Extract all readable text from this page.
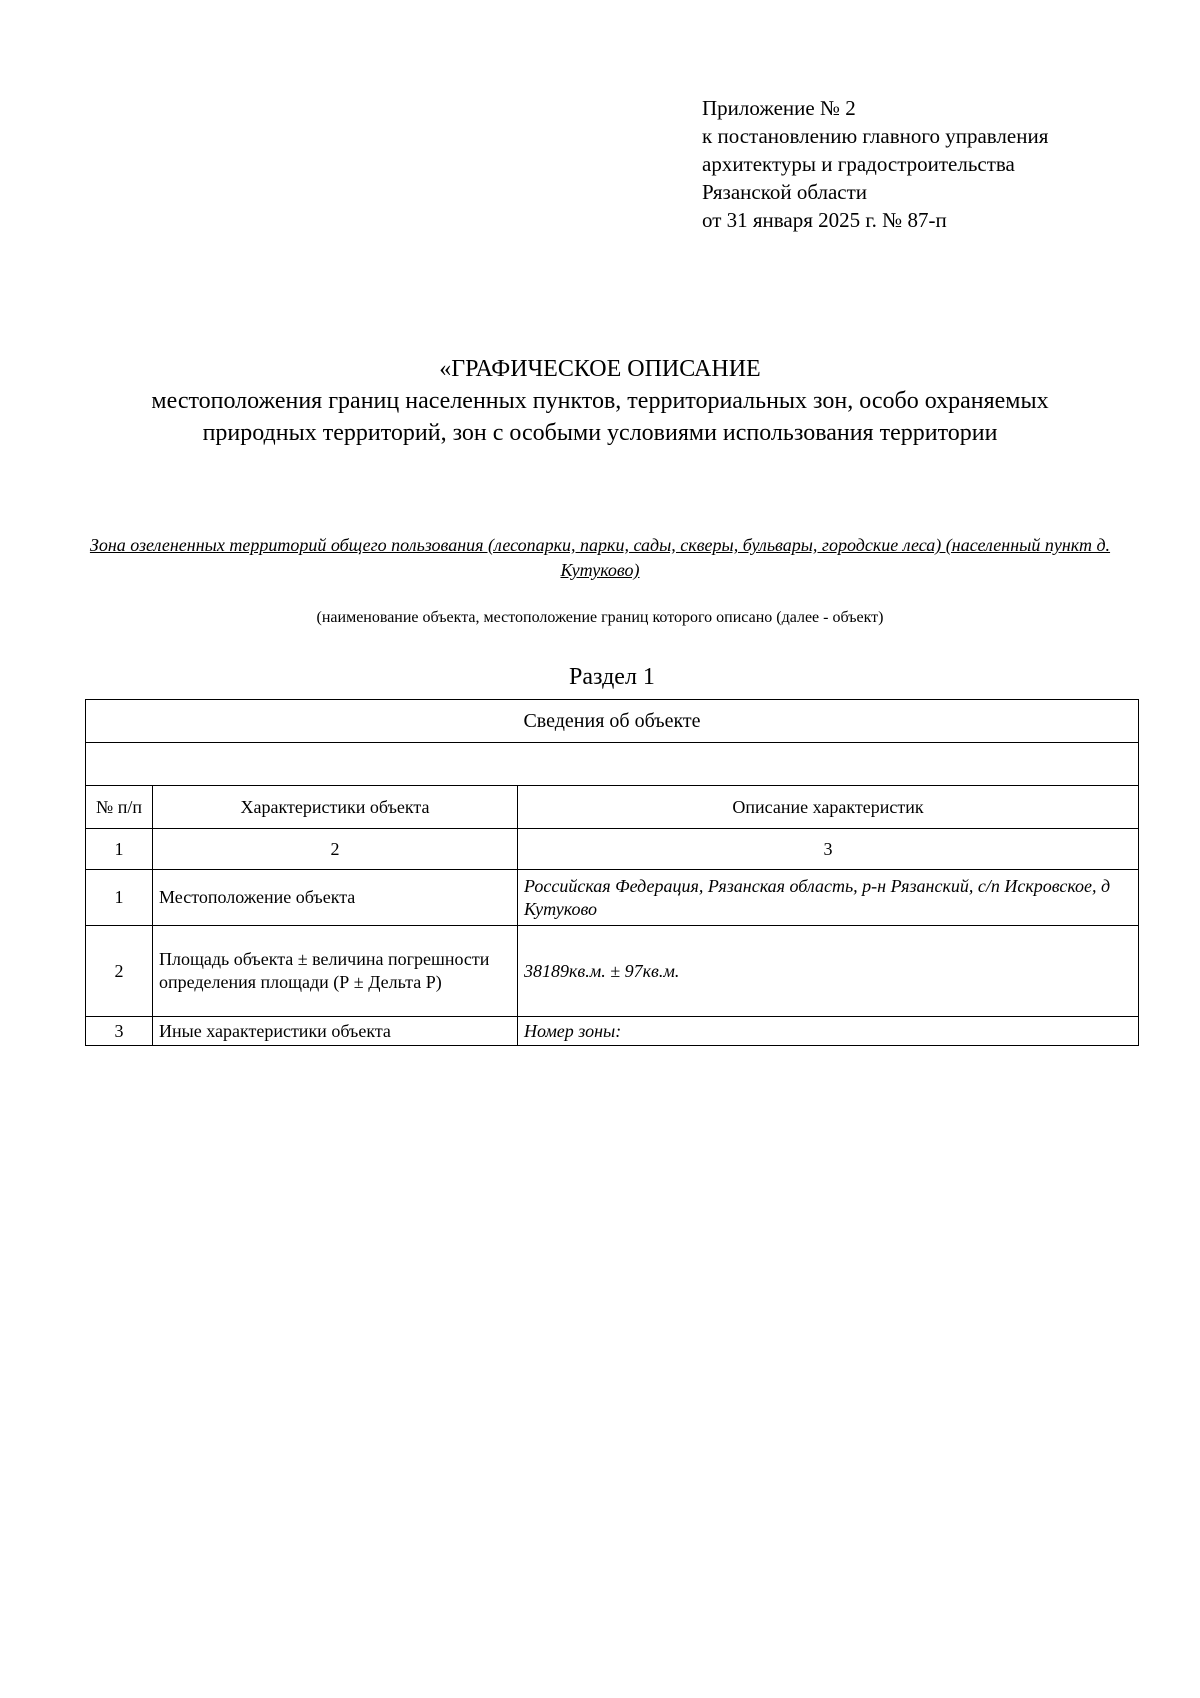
Приложение № 2
к постановлению главного управления
архитектуры и градостроительства
Рязанской области
от 31 января 2025 г. № 87-п
«ГРАФИЧЕСКОЕ ОПИСАНИЕ
местоположения границ населенных пунктов, территориальных зон, особо охраняемых природных территорий, зон с особыми условиями использования территории
Зона озелененных территорий общего пользования (лесопарки, парки, сады, скверы, бульвары, городские леса) (населенный пункт д. Кутуково)
(наименование объекта, местоположение границ которого описано (далее - объект)
Раздел 1
Сведения об объекте		

№ п/п	Характеристики объекта	Описание характеристик
1	2	3
1	Местоположение объекта	Российская Федерация, Рязанская область, р-н Рязанский, с/п Искровское, д Кутуково
2	Площадь объекта ± величина погрешности определения площади (Р ± Дельта Р)	38189кв.м. ± 97кв.м.
3	Иные характеристики объекта	Номер зоны:
